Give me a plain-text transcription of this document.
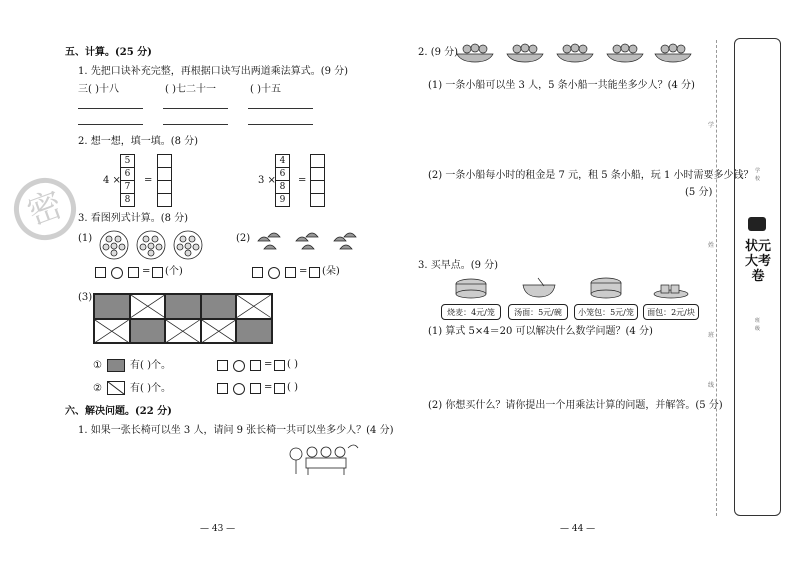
五、计算。(25 分)
1. 先把口诀补充完整，再根据口诀写出两道乘法算式。(9 分)
三( )十八	( )七二十一	( )十五
2. 想一想，填一填。(8 分)
4 ×
5
6
7
8
=	3 ×
4
6
8
9
=
3. 看图列式计算。(8 分)
(1)	(2)
= (个)	= (朵)
(3)
①	有( )个。	= ( )
②	有( )个。	= ( )
六、解决问题。(22 分)
1. 如果一张长椅可以坐 3 人，请问 9 张长椅一共可以坐多少人？(4 分)
— 43 —
密
2. (9 分)
(1) 一条小船可以坐 3 人，5 条小船一共能坐多少人？(4 分)
(2) 一条小船每小时的租金是 7 元，租 5 条小船，玩 1 小时需要多少钱？
(5 分)
3. 买早点。(9 分)
烧麦：4元/笼	汤面：5元/碗	小笼包：5元/笼	面包：2元/块
(1) 算式 5×4＝20 可以解决什么数学问题？(4 分)
(2) 你想买什么？请你提出一个用乘法计算的问题，并解答。(5 分)
— 44 —
学
姓
班
线
学
校
状元大考卷
班
级
